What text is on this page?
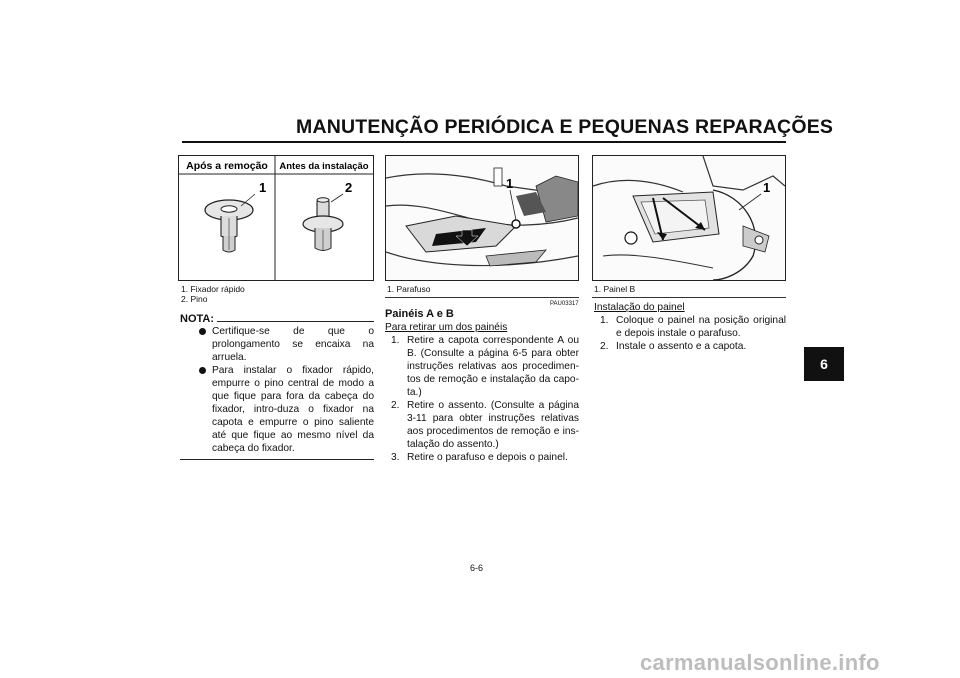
MANUTENÇÃO PERIÓDICA E PEQUENAS REPARAÇÕES
6
Após a remoção Antes da instalação
1	2
1. Fixador rápido
2. Pino
NOTA:
Certifique-se de que o prolongamento se encaixa na arruela.
Para instalar o fixador rápido, empurre o pino central de modo a que fique para fora da cabeça do fixador, intro-duza o fixador na capota e empurre o pino saliente até que fique ao mesmo nível da cabeça do fixador.
1
1. Parafuso
PAU03317
Painéis A e B
Para retirar um dos painéis
1. Retire a capota correspondente A ou B. (Consulte a página 6-5 para obter instruções relativas aos procedimen-tos de remoção e instalação da capo-ta.)
2. Retire o assento. (Consulte a página 3-11 para obter instruções relativas aos procedimentos de remoção e ins-talação do assento.)
3. Retire o parafuso e depois o painel.
1
1. Painel B
Instalação do painel
1. Coloque o painel na posição original e depois instale o parafuso.
2. Instale o assento e a capota.
6-6
carmanualsonline.info
